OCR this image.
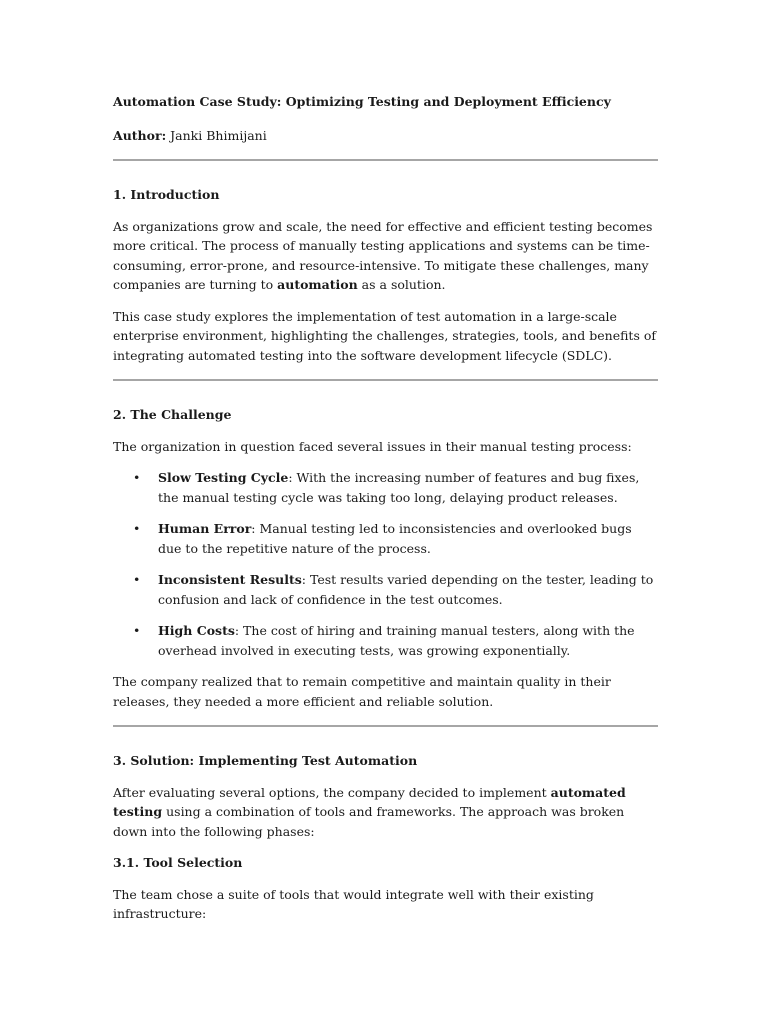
Automation Case Study: Optimizing Testing and Deployment Efficiency

Author: Janki Bhimijani

1. Introduction

As organizations grow and scale, the need for effective and efficient testing becomes more critical. The process of manually testing applications and systems can be time-consuming, error-prone, and resource-intensive. To mitigate these challenges, many companies are turning to automation as a solution.

This case study explores the implementation of test automation in a large-scale enterprise environment, highlighting the challenges, strategies, tools, and benefits of integrating automated testing into the software development lifecycle (SDLC).

2. The Challenge

The organization in question faced several issues in their manual testing process:

• Slow Testing Cycle: With the increasing number of features and bug fixes, the manual testing cycle was taking too long, delaying product releases.
• Human Error: Manual testing led to inconsistencies and overlooked bugs due to the repetitive nature of the process.
• Inconsistent Results: Test results varied depending on the tester, leading to confusion and lack of confidence in the test outcomes.
• High Costs: The cost of hiring and training manual testers, along with the overhead involved in executing tests, was growing exponentially.

The company realized that to remain competitive and maintain quality in their releases, they needed a more efficient and reliable solution.

3. Solution: Implementing Test Automation

After evaluating several options, the company decided to implement automated testing using a combination of tools and frameworks. The approach was broken down into the following phases:

3.1. Tool Selection

The team chose a suite of tools that would integrate well with their existing infrastructure:
